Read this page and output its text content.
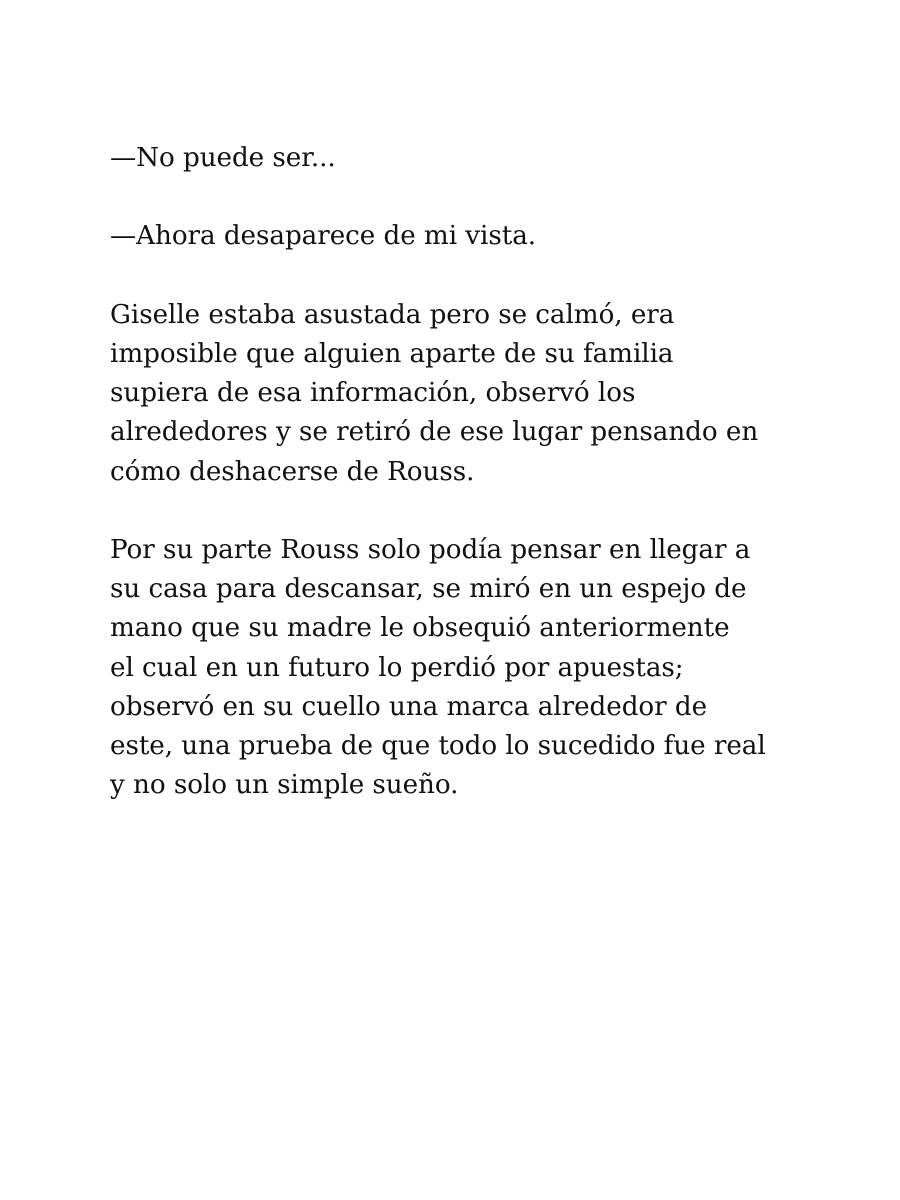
—No puede ser...

—Ahora desaparece de mi vista.

Giselle estaba asustada pero se calmó, era
imposible que alguien aparte de su familia
supiera de esa información, observó los
alrededores y se retiró de ese lugar pensando en
cómo deshacerse de Rouss.

Por su parte Rouss solo podía pensar en llegar a
su casa para descansar, se miró en un espejo de
mano que su madre le obsequió anteriormente
el cual en un futuro lo perdió por apuestas;
observó en su cuello una marca alrededor de
este, una prueba de que todo lo sucedido fue real
y no solo un simple sueño.
